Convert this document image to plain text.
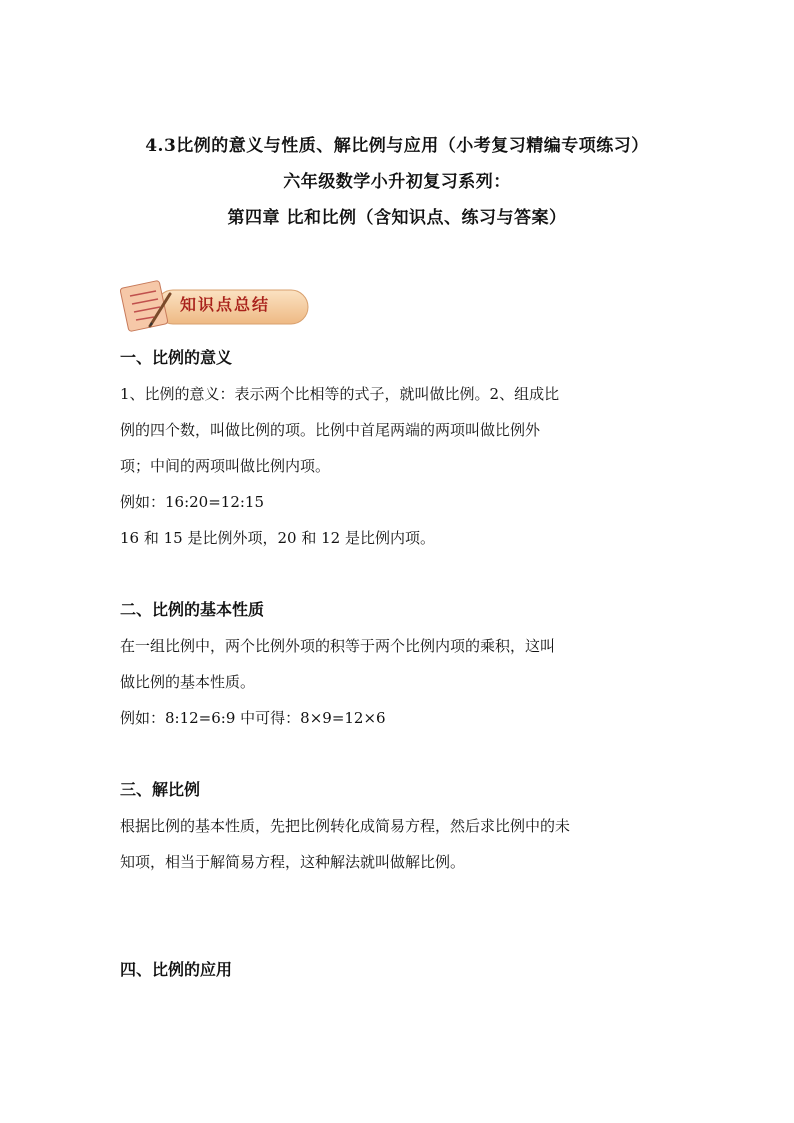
4.3比例的意义与性质、解比例与应用（小考复习精编专项练习）
六年级数学小升初复习系列：
第四章 比和比例（含知识点、练习与答案）
知识点总结

一、比例的意义

1、比例的意义：表示两个比相等的式子，就叫做比例。2、组成比

例的四个数，叫做比例的项。比例中首尾两端的两项叫做比例外

项；中间的两项叫做比例内项。

例如：16:20=12:15

16 和 15 是比例外项，20 和 12 是比例内项。

二、比例的基本性质

在一组比例中，两个比例外项的积等于两个比例内项的乘积，这叫

做比例的基本性质。

例如：8:12=6:9 中可得：8×9=12×6

三、解比例

根据比例的基本性质，先把比例转化成简易方程，然后求比例中的未

知项，相当于解简易方程，这种解法就叫做解比例。

四、比例的应用
